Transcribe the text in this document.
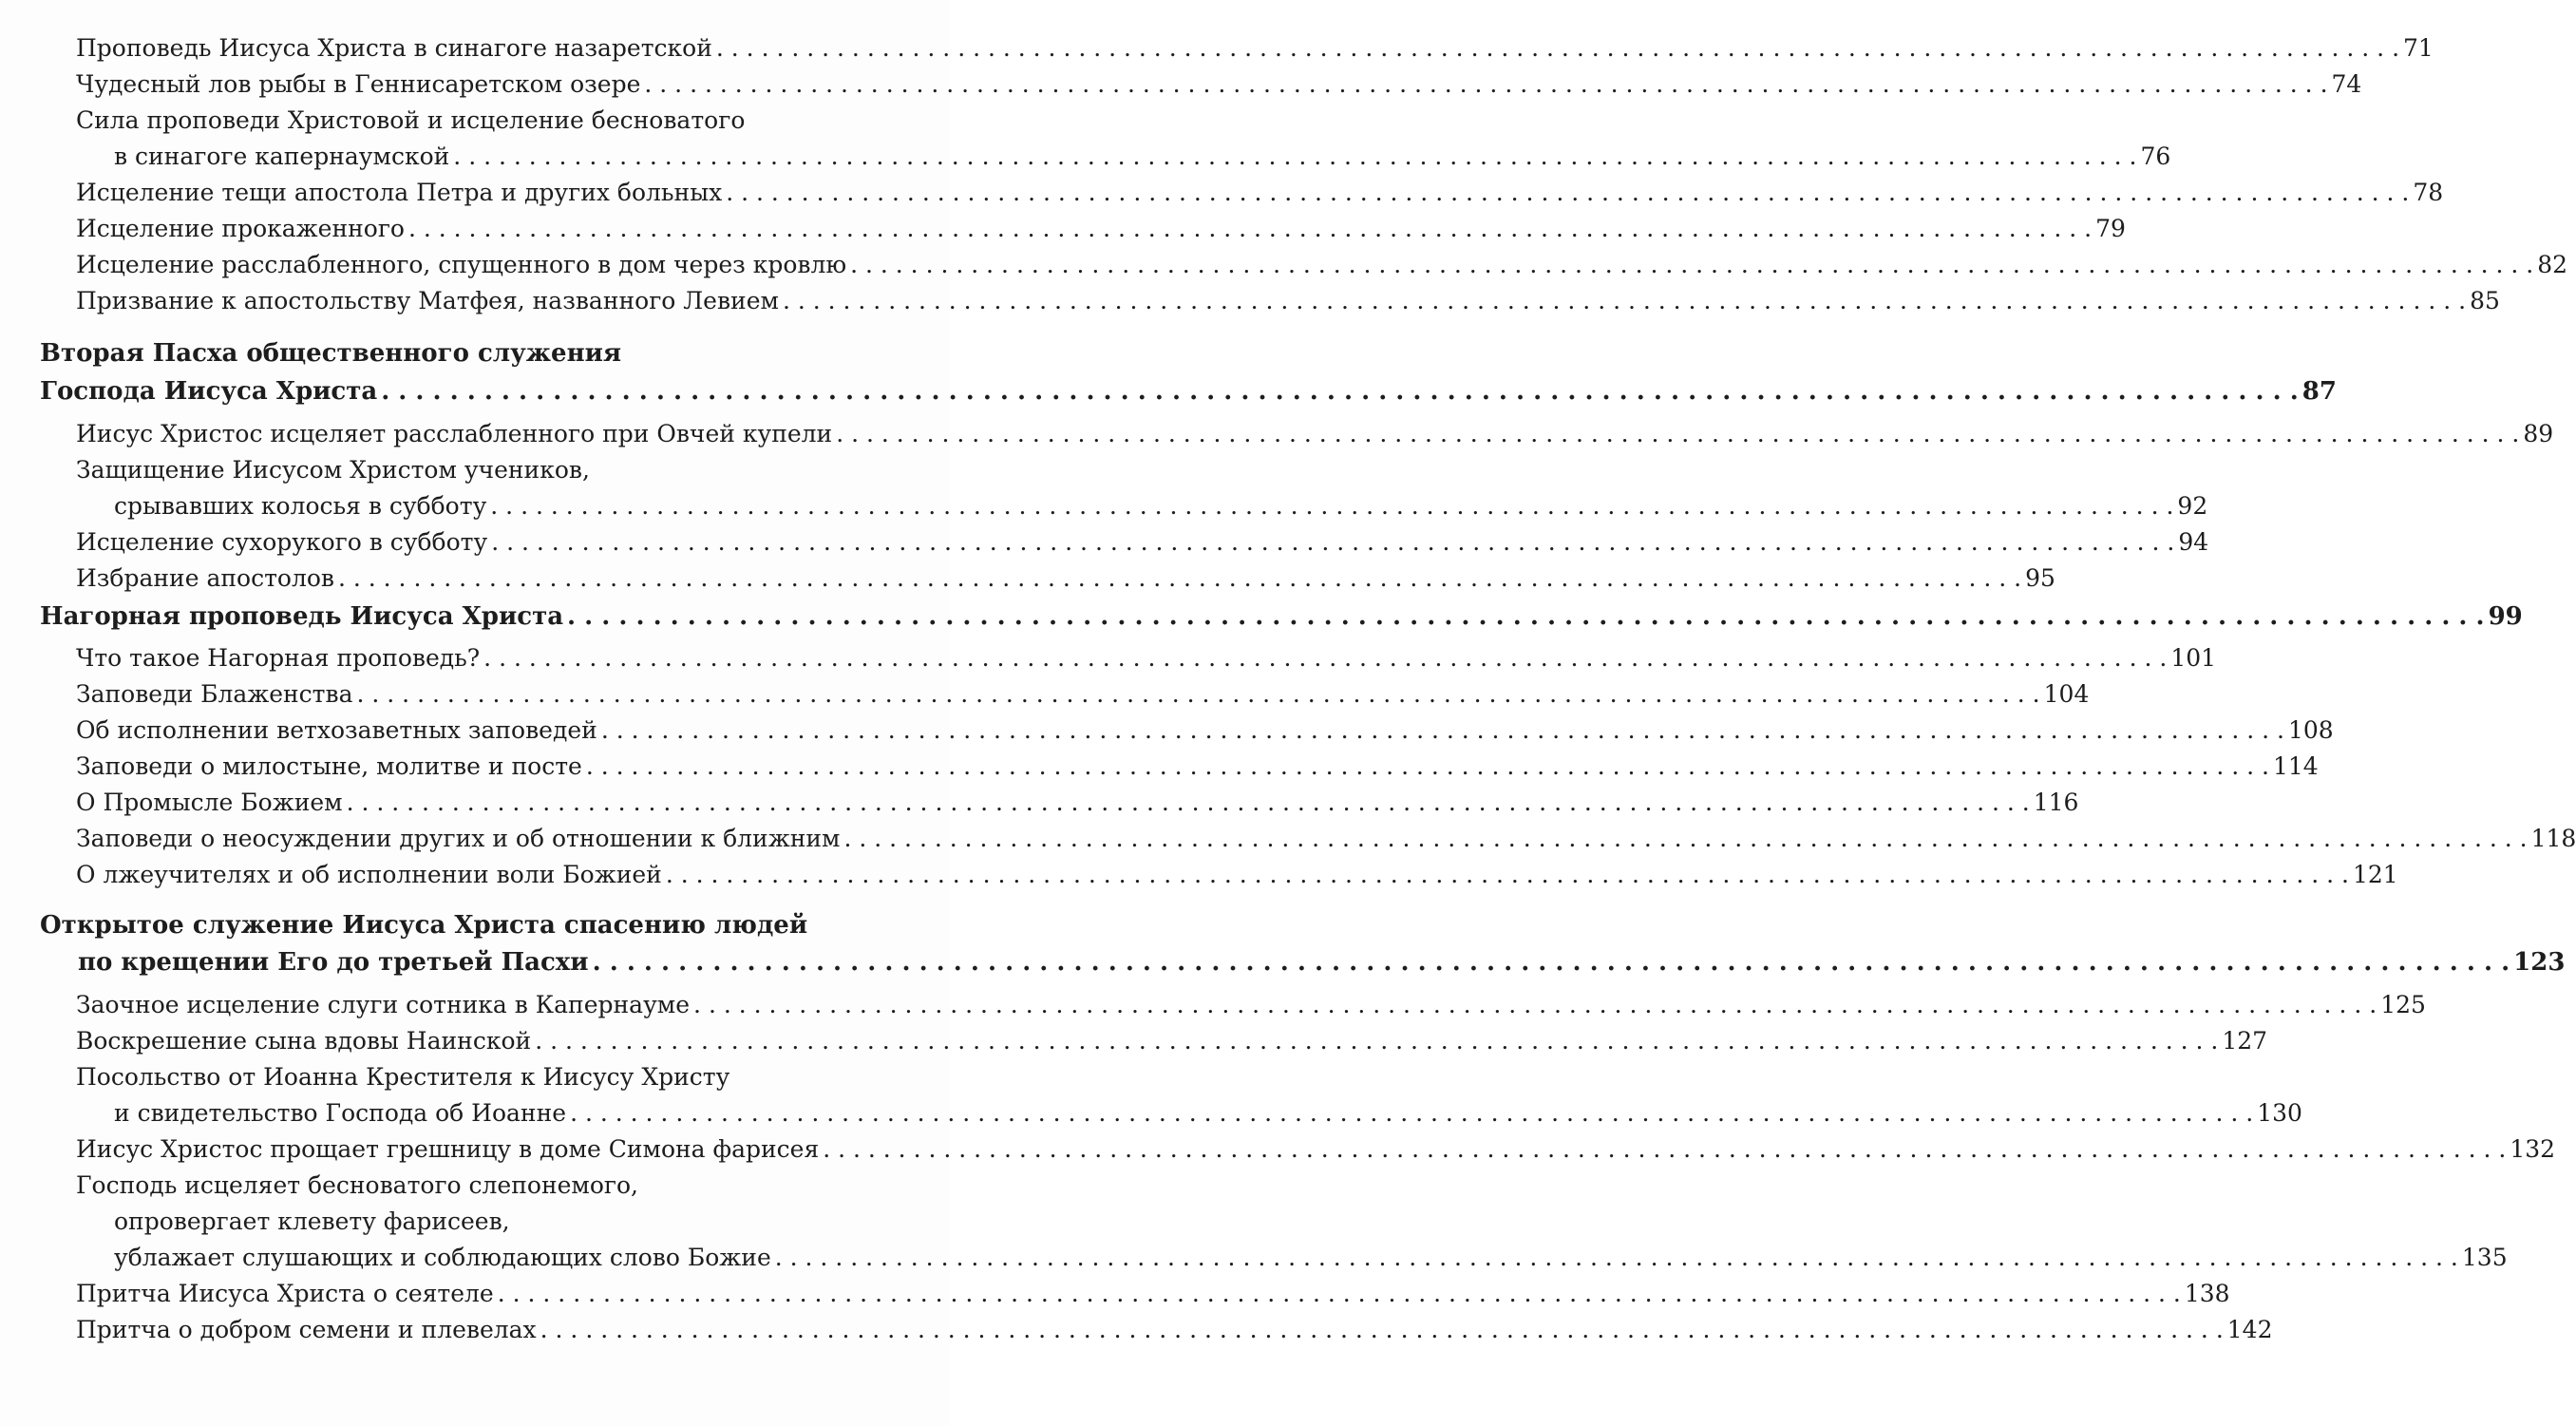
Проповедь Иисуса Христа в синагоге назаретской . . .	71
Чудесный лов рыбы в Геннисаретском озере . . .	74
Сила проповеди Христовой и исцеление бесноватого
в синагоге капернаумской . . .	76
Исцеление тещи апостола Петра и других больных . . .	78
Исцеление прокаженного . . .	79
Исцеление расслабленного, спущенного в дом через кровлю . . .	82
Призвание к апостольству Матфея, названного Левием . . .	85
Вторая Пасха общественного служения
Господа Иисуса Христа . . .	87
Иисус Христос исцеляет расслабленного при Овчей купели . . .	89
Защищение Иисусом Христом учеников,
срывавших колосья в субботу . . .	92
Исцеление сухорукого в субботу . . .	94
Избрание апостолов . . .	95
Нагорная проповедь Иисуса Христа . . .	99
Что такое Нагорная проповедь? . . .	101
Заповеди Блаженства . . .	104
Об исполнении ветхозаветных заповедей . . .	108
Заповеди о милостыне, молитве и посте . . .	114
О Промысле Божием . . .	116
Заповеди о неосуждении других и об отношении к ближним . . .	118
О лжеучителях и об исполнении воли Божией . . .	121
Открытое служение Иисуса Христа спасению людей
по крещении Его до третьей Пасхи . . .	123
Заочное исцеление слуги сотника в Капернауме . . .	125
Воскрешение сына вдовы Наинской . . .	127
Посольство от Иоанна Крестителя к Иисусу Христу
и свидетельство Господа об Иоанне . . .	130
Иисус Христос прощает грешницу в доме Симона фарисея . . .	132
Господь исцеляет бесноватого слепонемого,
опровергает клевету фарисеев,
ублажает слушающих и соблюдающих слово Божие . . .	135
Притча Иисуса Христа о сеятеле . . .	138
Притча о добром семени и плевелах . . .	142
